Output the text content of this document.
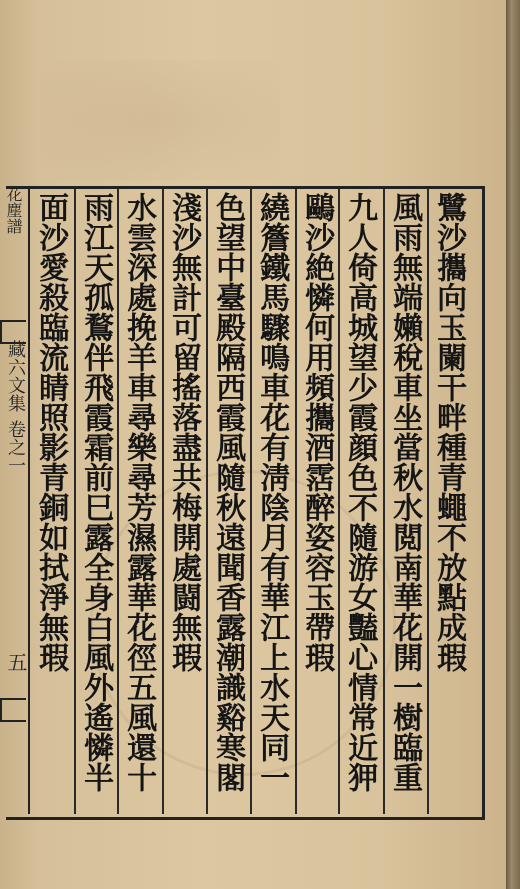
花塵譜
藏六文集
卷之一
五	鷺沙攜向玉闌干畔種青蠅不放點成瑕
風雨無端嬾稅車坐當秋水閲南華花開一樹臨重
九人倚高城望少霞顔色不隨游女豔心情常近狎
鷗沙絶憐何用頻攜酒霑醉姿容玉帶瑕
繞簷鐵馬驟鳴車花有淸陰月有華江上水天同一
色望中臺殿隔西霞風隨秋遠聞香露潮識谿寒閣
淺沙無計可留搖落盡共梅開處闘無瑕
水雲深處挽羊車尋樂尋芳濕露華花徑五風還十
雨江天孤鶩伴飛霞霜前巳露全身白風外遙憐半
面沙愛殺臨流睛照影青銅如拭淨無瑕
